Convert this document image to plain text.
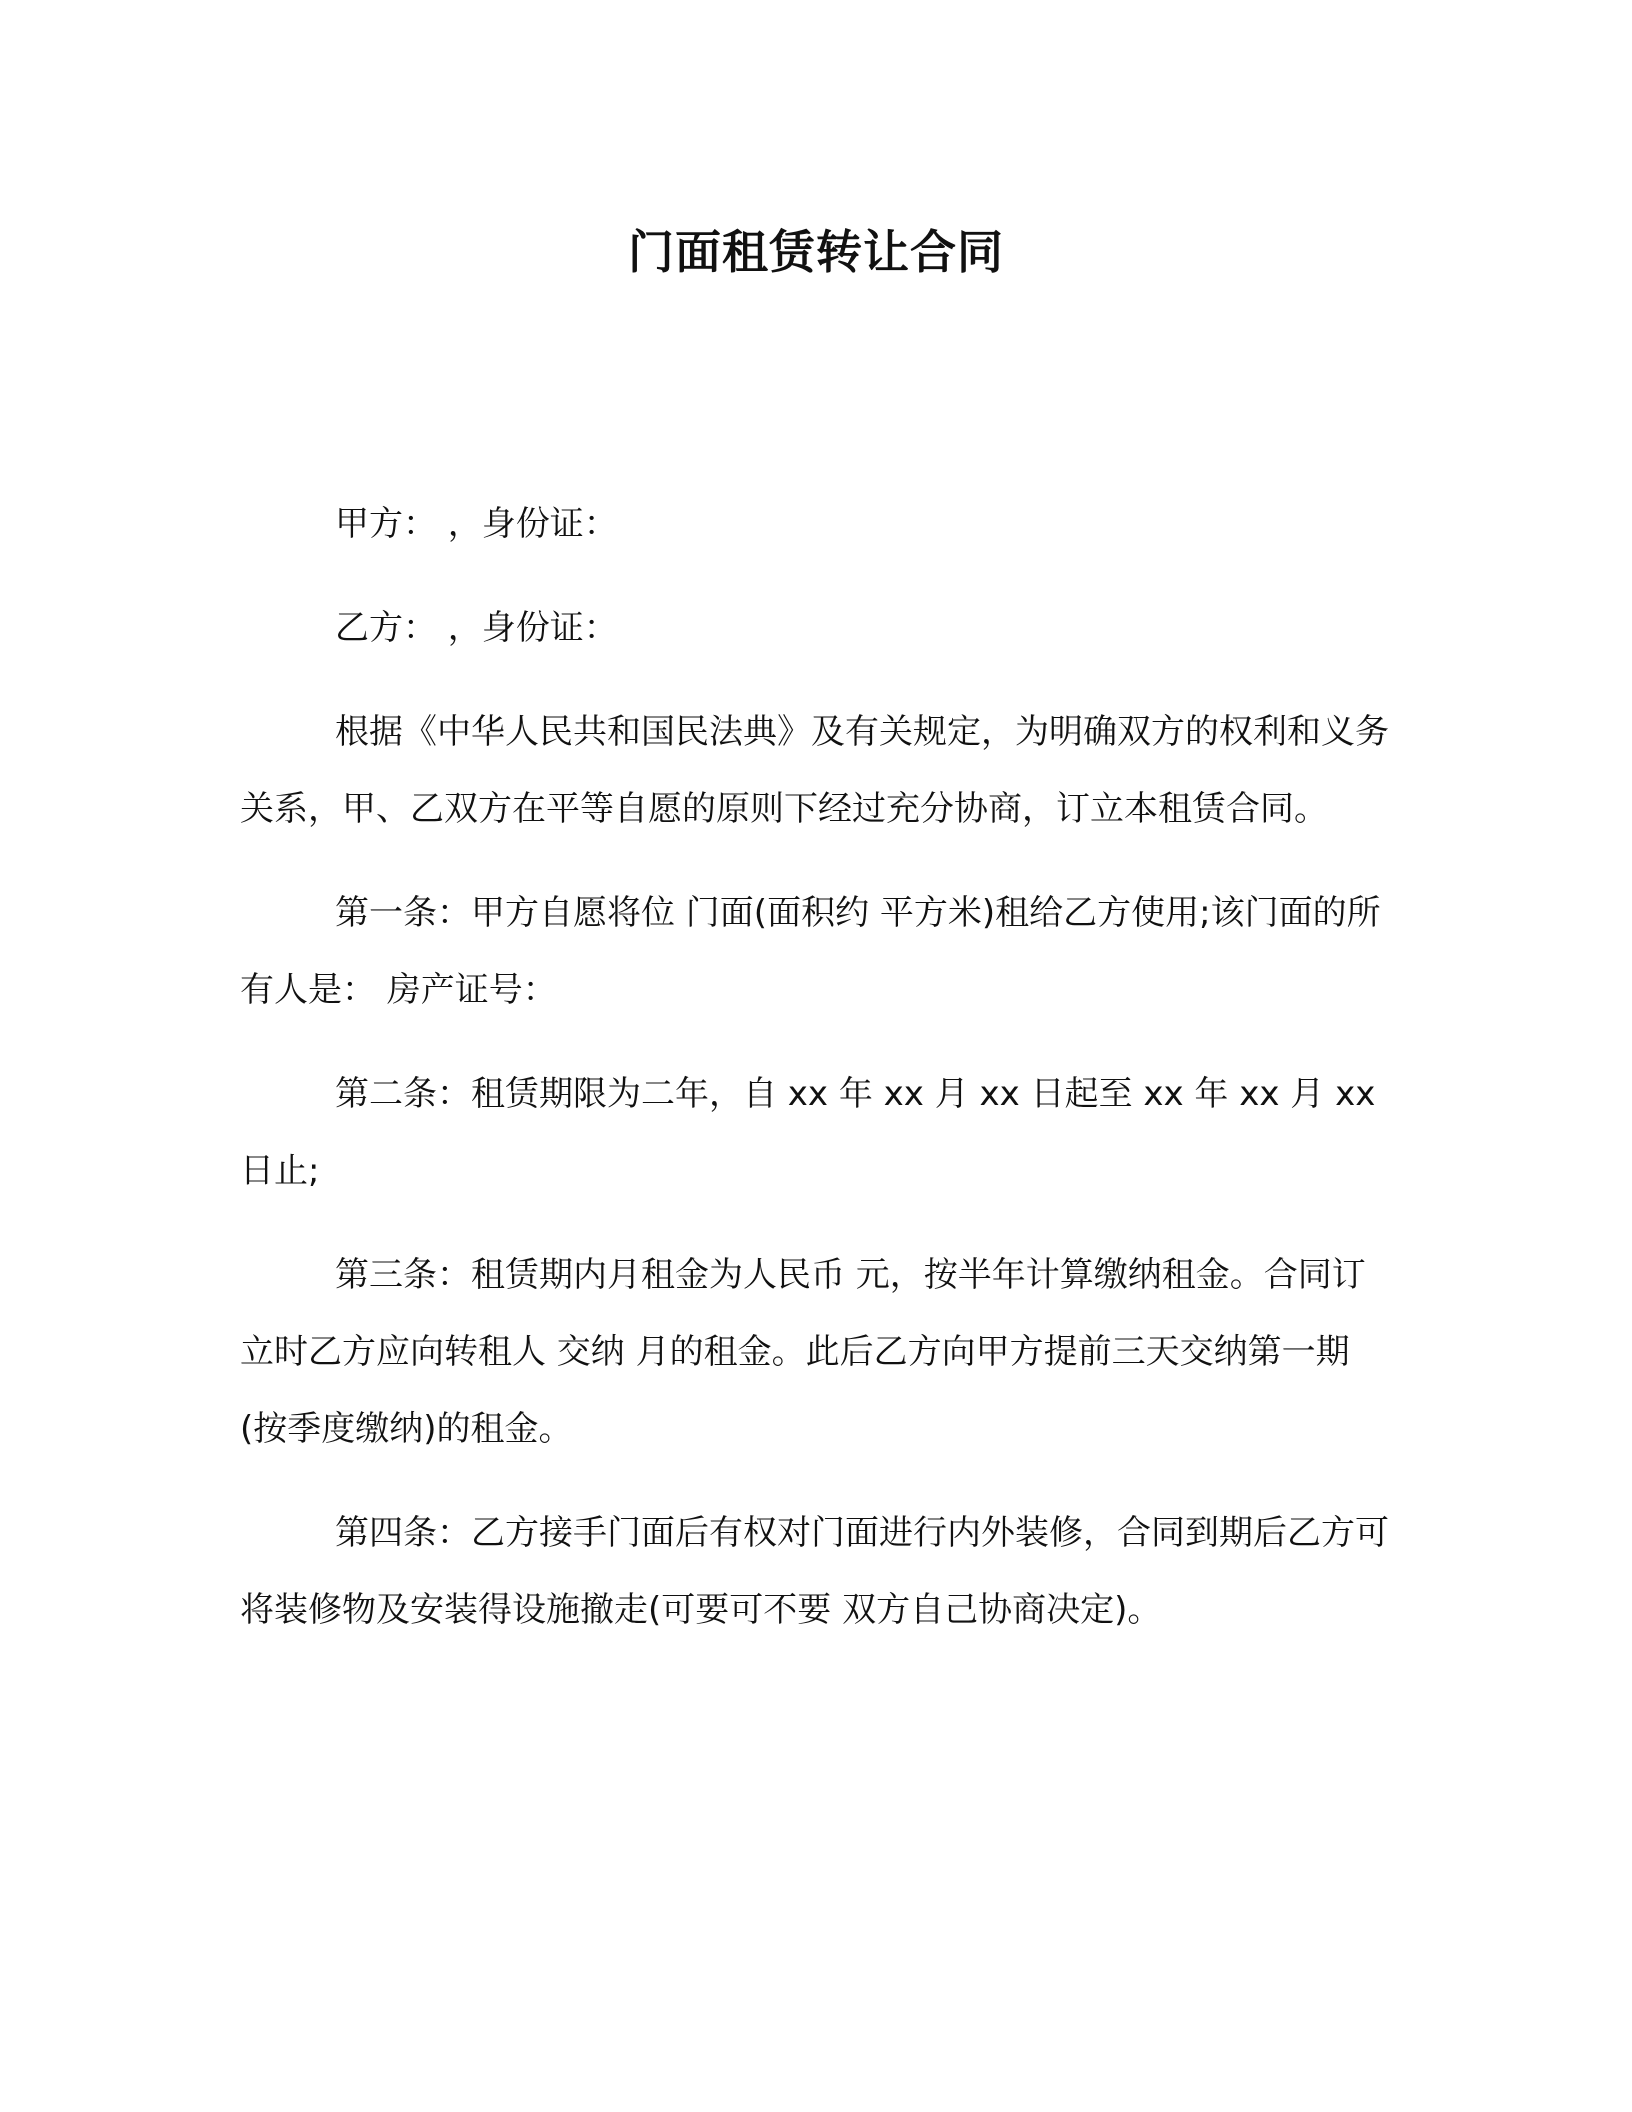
门面租赁转让合同

甲方： ，身份证：

乙方： ，身份证：

根据《中华人民共和国民法典》及有关规定，为明确双方的权利和义务关系，甲、乙双方在平等自愿的原则下经过充分协商，订立本租赁合同。

第一条：甲方自愿将位 门面(面积约 平方米)租给乙方使用;该门面的所有人是： 房产证号：

第二条：租赁期限为二年，自 xx 年 xx 月 xx 日起至 xx 年 xx 月 xx 日止;

第三条：租赁期内月租金为人民币 元，按半年计算缴纳租金。合同订立时乙方应向转租人 交纳 月的租金。此后乙方向甲方提前三天交纳第一期(按季度缴纳)的租金。

第四条：乙方接手门面后有权对门面进行内外装修，合同到期后乙方可将装修物及安装得设施撤走(可要可不要 双方自己协商决定)。
